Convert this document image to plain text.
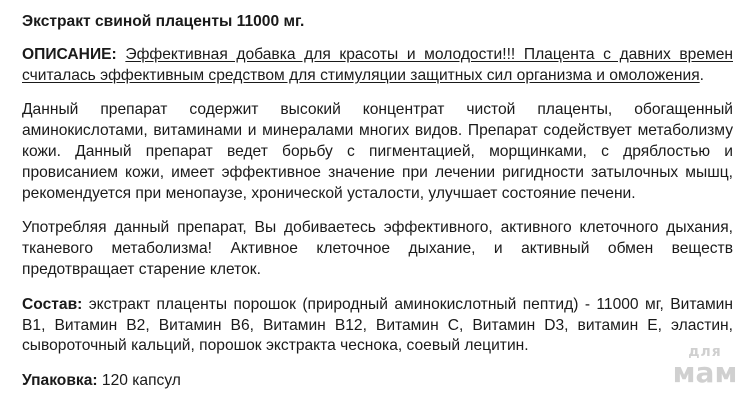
Экстракт свиной плаценты 11000 мг.
ОПИСАНИЕ: Эффективная добавка для красоты и молодости!!! Плацента с давних времен считалась эффективным средством для стимуляции защитных сил организма и омоложения.
Данный препарат содержит высокий концентрат чистой плаценты, обогащенный аминокислотами, витаминами и минералами многих видов. Препарат содействует метаболизму кожи. Данный препарат ведет борьбу с пигментацией, морщинками, с дряблостью и провисанием кожи, имеет эффективное значение при лечении ригидности затылочных мышц, рекомендуется при менопаузе, хронической усталости, улучшает состояние печени.
Употребляя данный препарат, Вы добиваетесь эффективного, активного клеточного дыхания, тканевого метаболизма! Активное клеточное дыхание, и активный обмен веществ предотвращает старение клеток.
Состав: экстракт плаценты порошок (природный аминокислотный пептид) - 11000 мг, Витамин В1, Витамин В2, Витамин В6, Витамин В12, Витамин С, Витамин D3, витамин Е, эластин, сывороточный кальций, порошок экстракта чеснока, соевый лецитин.
Упаковка: 120 капсул
для
мам
